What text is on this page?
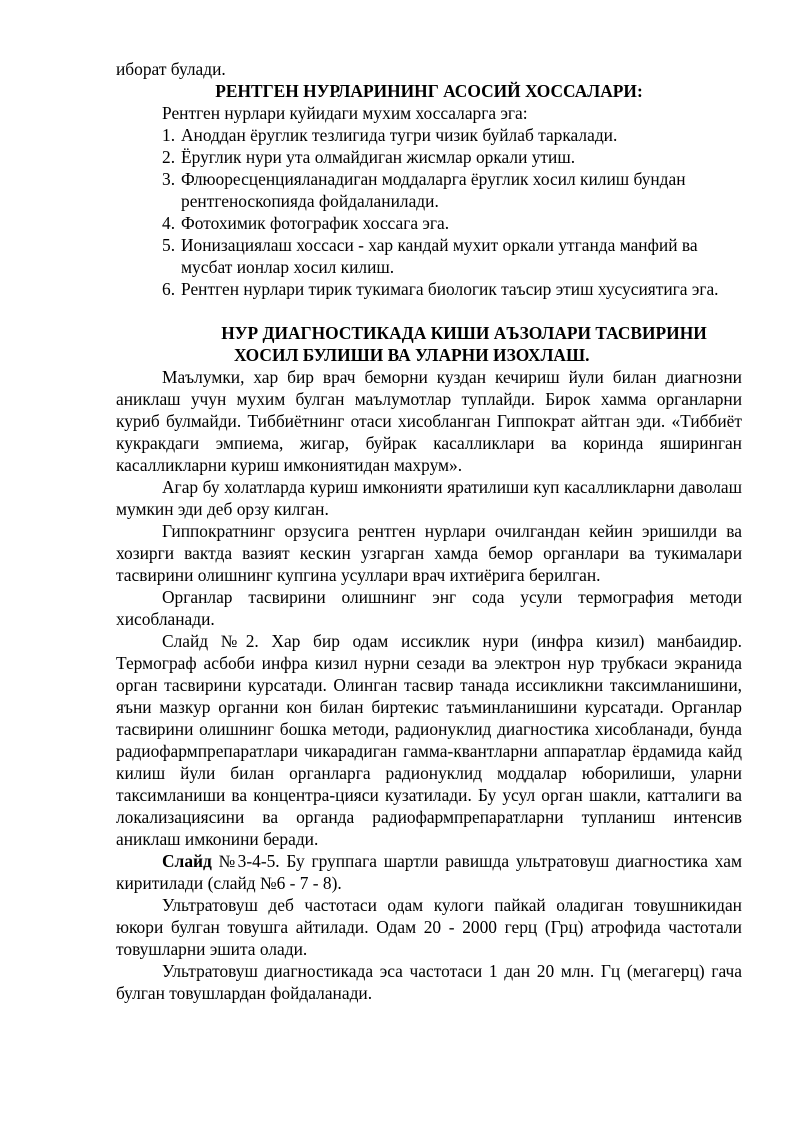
иборат булади.

РЕНТГЕН НУРЛАРИНИНГ АСОСИЙ ХОССАЛАРИ:

Рентген нурлари куйидаги мухим хоссаларга эга:

1. Аноддан ёруглик тезлигида тугри чизик буйлаб таркалади.
2. Ёруглик нури ута олмайдиган жисмлар оркали утиш.
3. Флюоресценцияланадиган моддаларга ёруглик хосил килиш бундан рентгеноскопияда фойдаланилади.
4. Фотохимик фотографик хоссага эга.
5. Ионизациялаш хоссаси - хар кандай мухит оркали утганда манфий ва мусбат ионлар хосил килиш.
6. Рентген нурлари тирик тукимага биологик таъсир этиш хусусиятига эга.

НУР ДИАГНОСТИКАДА КИШИ АЪЗОЛАРИ ТАСВИРИНИ

ХОСИЛ БУЛИШИ ВА УЛАРНИ ИЗОХЛАШ.

Маълумки, хар бир врач беморни куздан кечириш йули билан диагнозни аниклаш учун мухим булган маълумотлар туплайди. Бирок хамма органларни куриб булмайди. Тиббиётнинг отаси хисобланган Гиппократ айтган эди. «Тиббиёт кукракдаги эмпиема, жигар, буйрак касалликлари ва коринда яширинган касалликларни куриш имкониятидан махрум».

Агар бу холатларда куриш имконияти яратилиши куп касалликларни даволаш мумкин эди деб орзу килган.

Гиппократнинг орзусига рентген нурлари очилгандан кейин эришилди ва хозирги вактда вазият кескин узгарган хамда бемор органлари ва тукималари тасвирини олишнинг купгина усуллари врач ихтиёрига берилган.

Органлар тасвирини олишнинг энг сода усули термография методи хисобланади.

Слайд №2. Хар бир одам иссиклик нури (инфра кизил) манбаидир. Термограф асбоби инфра кизил нурни сезади ва электрон нур трубкаси экранида орган тасвирини курсатади. Олинган тасвир танада иссикликни таксимланишини, яъни мазкур органни кон билан биртекис таъминланишини курсатади. Органлар тасвирини олишнинг бошка методи, радионуклид диагностика хисобланади, бунда радиофармпрепаратлари чикарадиган гамма-квантларни аппаратлар ёрдамида кайд килиш йули билан органларга радионуклид моддалар юборилиши, уларни таксимланиши ва концентра-цияси кузатилади. Бу усул орган шакли, катталиги ва локализациясини ва органда радиофармпрепаратларни тупланиш интенсив аниклаш имконини беради.

Слайд №3-4-5. Бу группага шартли равишда ультратовуш диагностика хам киритилади (слайд №6 - 7 - 8).

Ультратовуш деб частотаси одам кулоги пайкай оладиган товушникидан юкори булган товушга айтилади. Одам 20 - 2000 герц (Грц) атрофида частотали товушларни эшита олади.

Ультратовуш диагностикада эса частотаси 1 дан 20 млн. Гц (мегагерц) гача булган товушлардан фойдаланади.
